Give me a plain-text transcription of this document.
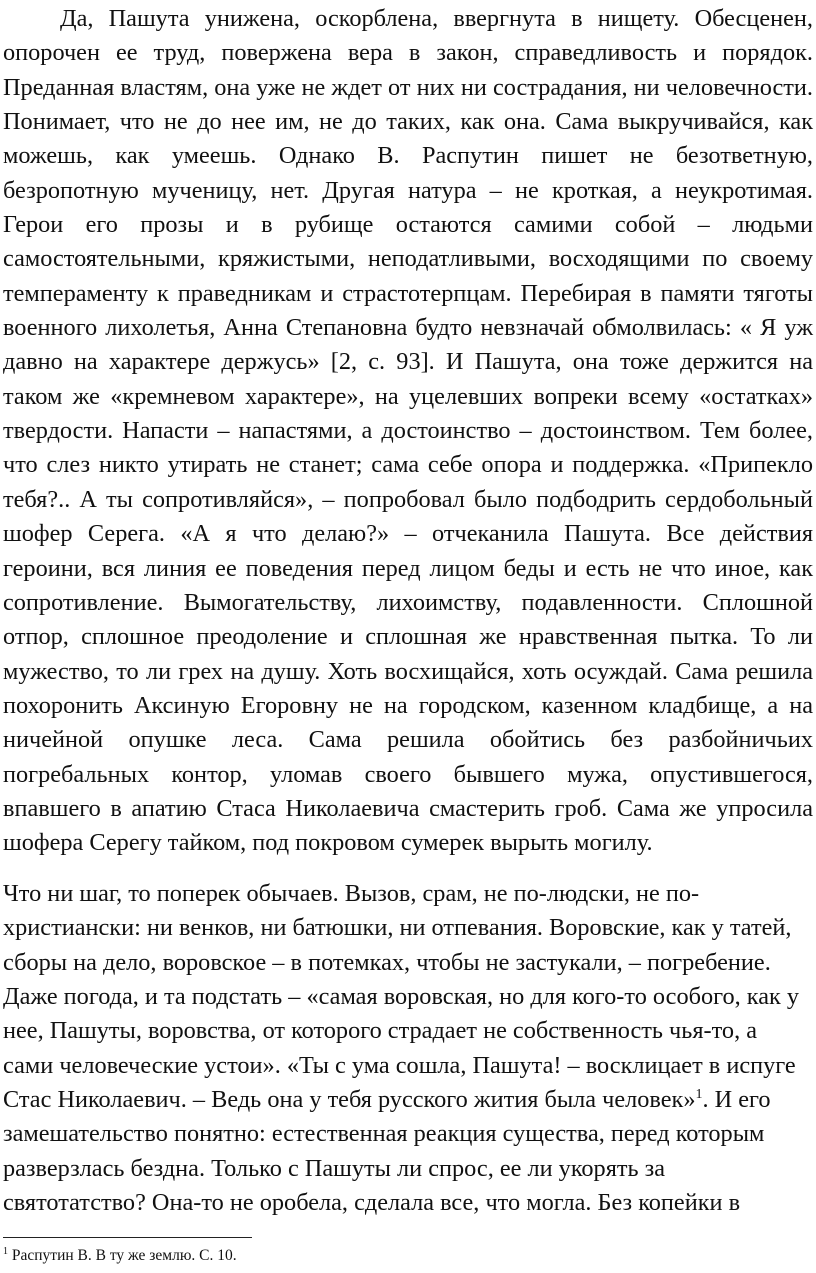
Да, Пашута унижена, оскорблена, ввергнута в нищету. Обесценен, опорочен ее труд, повержена вера в закон, справедливость и порядок. Преданная властям, она уже не ждет от них ни сострадания, ни человечности. Понимает, что не до нее им, не до таких, как она. Сама выкручивайся, как можешь, как умеешь. Однако В. Распутин пишет не безответную, безропотную мученицу, нет. Другая натура – не кроткая, а неукротимая. Герои его прозы и в рубище остаются самими собой – людьми самостоятельными, кряжистыми, неподатливыми, восходящими по своему темпераменту к праведникам и страстотерпцам. Перебирая в памяти тяготы военного лихолетья, Анна Степановна будто невзначай обмолвилась: « Я уж давно на характере держусь» [2, с. 93]. И Пашута, она тоже держится на таком же «кремневом характере», на уцелевших вопреки всему «остатках» твердости. Напасти – напастями, а достоинство – достоинством. Тем более, что слез никто утирать не станет; сама себе опора и поддержка. «Припекло тебя?.. А ты сопротивляйся», – попробовал было подбодрить сердобольный шофер Серега. «А я что делаю?» – отчеканила Пашута. Все действия героини, вся линия ее поведения перед лицом беды и есть не что иное, как сопротивление. Вымогательству, лихоимству, подавленности. Сплошной отпор, сплошное преодоление и сплошная же нравственная пытка. То ли мужество, то ли грех на душу. Хоть восхищайся, хоть осуждай. Сама решила похоронить Аксиную Егоровну не на городском, казенном кладбище, а на ничейной опушке леса. Сама решила обойтись без разбойничьих погребальных контор, уломав своего бывшего мужа, опустившегося, впавшего в апатию Стаса Николаевича смастерить гроб. Сама же упросила шофера Серегу тайком, под покровом сумерек вырыть могилу.

Что ни шаг, то поперек обычаев. Вызов, срам, не по-людски, не по-христиански: ни венков, ни батюшки, ни отпевания. Воровские, как у татей, сборы на дело, воровское – в потемках, чтобы не застукали, – погребение. Даже погода, и та подстать – «самая воровская, но для кого-то особого, как у нее, Пашуты, воровства, от которого страдает не собственность чья-то, а сами человеческие устои». «Ты с ума сошла, Пашута! – восклицает в испуге Стас Николаевич. – Ведь она у тебя русского жития была человек»$^1$. И его замешательство понятно: естественная реакция существа, перед которым разверзлась бездна. Только с Пашуты ли спрос, ее ли укорять за святотатство? Она-то не оробела, сделала все, что могла. Без копейки в

$^1$ Распутин В. В ту же землю. С. 10.
